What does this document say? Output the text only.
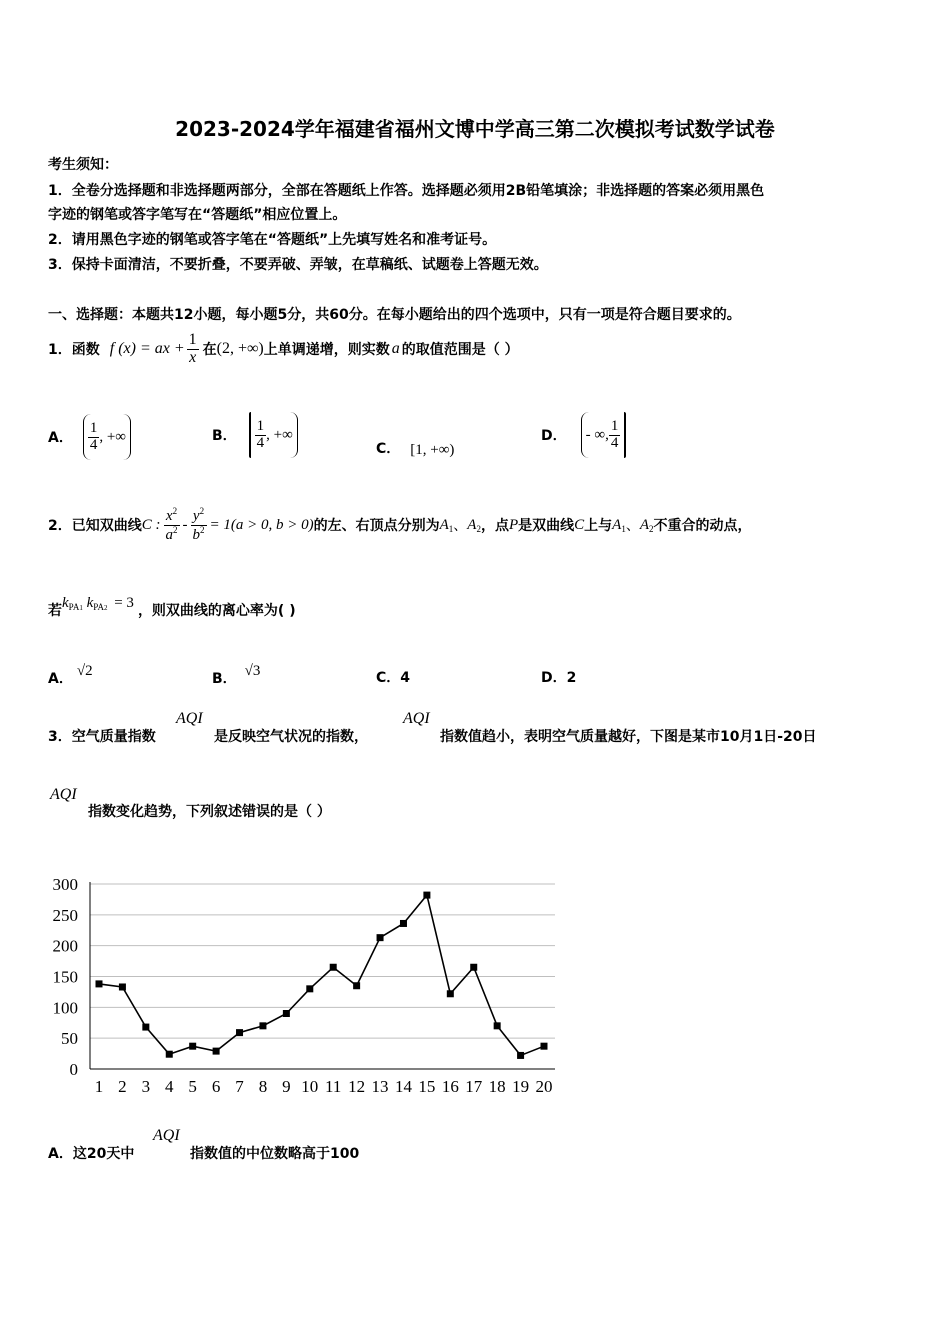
2023-2024学年福建省福州文博中学高三第二次模拟考试数学试卷
考生须知：
1．全卷分选择题和非选择题两部分，全部在答题纸上作答。选择题必须用2B铅笔填涂；非选择题的答案必须用黑色
字迹的钢笔或答字笔写在“答题纸”相应位置上。
2．请用黑色字迹的钢笔或答字笔在“答题纸”上先填写姓名和准考证号。
3．保持卡面清洁，不要折叠，不要弄破、弄皱，在草稿纸、试题卷上答题无效。
一、选择题：本题共12小题，每小题5分，共60分。在每小题给出的四个选项中，只有一项是符合题目要求的。
1．函数 f (x) = ax + $\frac{1}{x}$ 在 (2, +∞) 上单调递增，则实数 a 的取值范围是（ ）
A． $\frac{1}{4}$ , +∞	B． $\frac{1}{4}$ , +∞
C． [1, +∞)
D． - ∞, $\frac{1}{4}$
2．已知双曲线 C : $\frac{x^2}{a^2} - \frac{y^2}{b^2} = 1(a > 0$, b > 0) 的左、右顶点分别为 $A_1$ 、 $A_2$ ，点 P 是双曲线 C 上与 $A_1$ 、 $A_2$ 不重合的动点，
若
$k_{PA1}$ $k_{PA2} = 3$
，则双曲线的离心率为( )
A．
√2
B．
√3	C．4	D．2
3．空气质量指数
AQI
是反映空气状况的指数，
AQI
指数值趋小，表明空气质量越好，下图是某市10月1日-20日
AQI
指数变化趋势，下列叙述错误的是（ ）
0
50
100
150
200
250
300
1 2 3 4 5 6 7 8 9 10 11 12 13 14 15 16 17 18 19 20
A．这20天中
AQI
指数值的中位数略高于100
